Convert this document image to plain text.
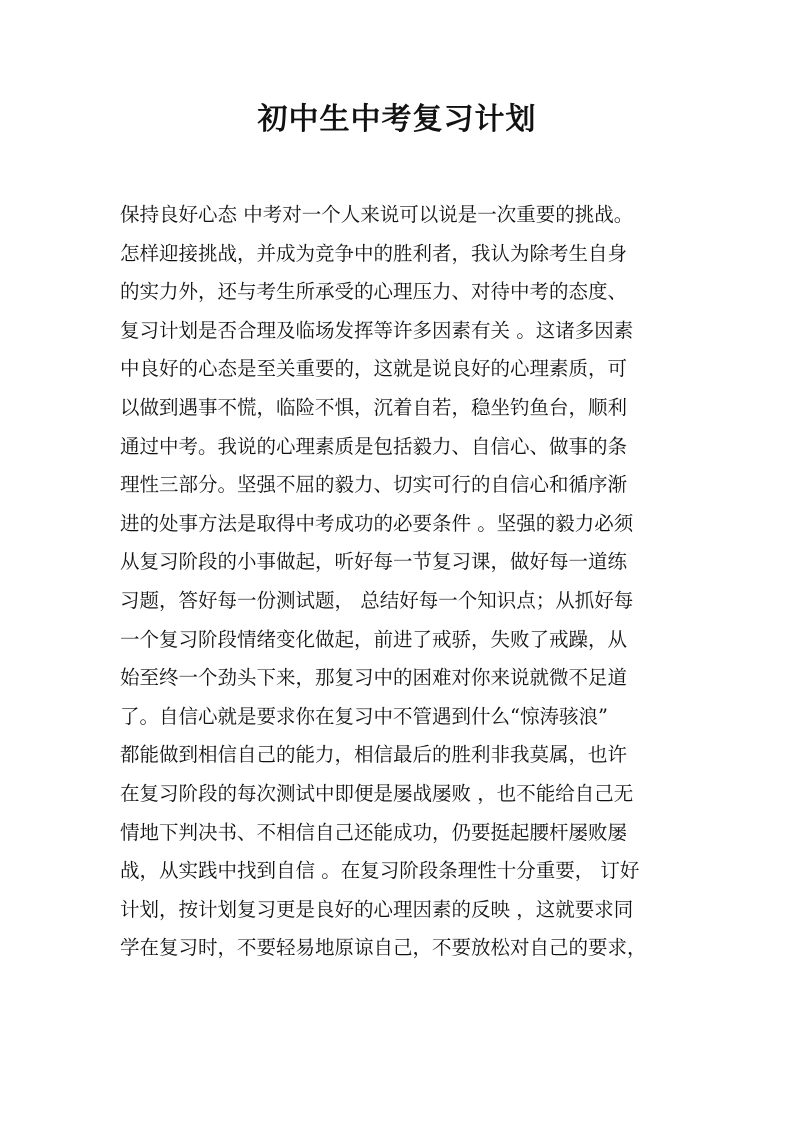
初中生中考复习计划
保持良好心态 中考对一个人来说可以说是一次重要的挑战。
怎样迎接挑战，并成为竞争中的胜利者，我认为除考生自身
的实力外，还与考生所承受的心理压力、对待中考的态度、
复习计划是否合理及临场发挥等许多因素有关 。这诸多因素
中良好的心态是至关重要的，这就是说良好的心理素质，可
以做到遇事不慌，临险不惧，沉着自若，稳坐钓鱼台，顺利
通过中考。我说的心理素质是包括毅力、自信心、做事的条
理性三部分。坚强不屈的毅力、切实可行的自信心和循序渐
进的处事方法是取得中考成功的必要条件 。坚强的毅力必须
从复习阶段的小事做起，听好每一节复习课，做好每一道练
习题，答好每一份测试题， 总结好每一个知识点；从抓好每
一个复习阶段情绪变化做起，前进了戒骄，失败了戒躁，从
始至终一个劲头下来，那复习中的困难对你来说就微不足道
了。自信心就是要求你在复习中不管遇到什么“惊涛骇浪”
都能做到相信自己的能力，相信最后的胜利非我莫属，也许
在复习阶段的每次测试中即便是屡战屡败 ，也不能给自己无
情地下判决书、不相信自己还能成功，仍要挺起腰杆屡败屡
战，从实践中找到自信 。在复习阶段条理性十分重要， 订好
计划，按计划复习更是良好的心理因素的反映 ，这就要求同
学在复习时，不要轻易地原谅自己，不要放松对自己的要求，
